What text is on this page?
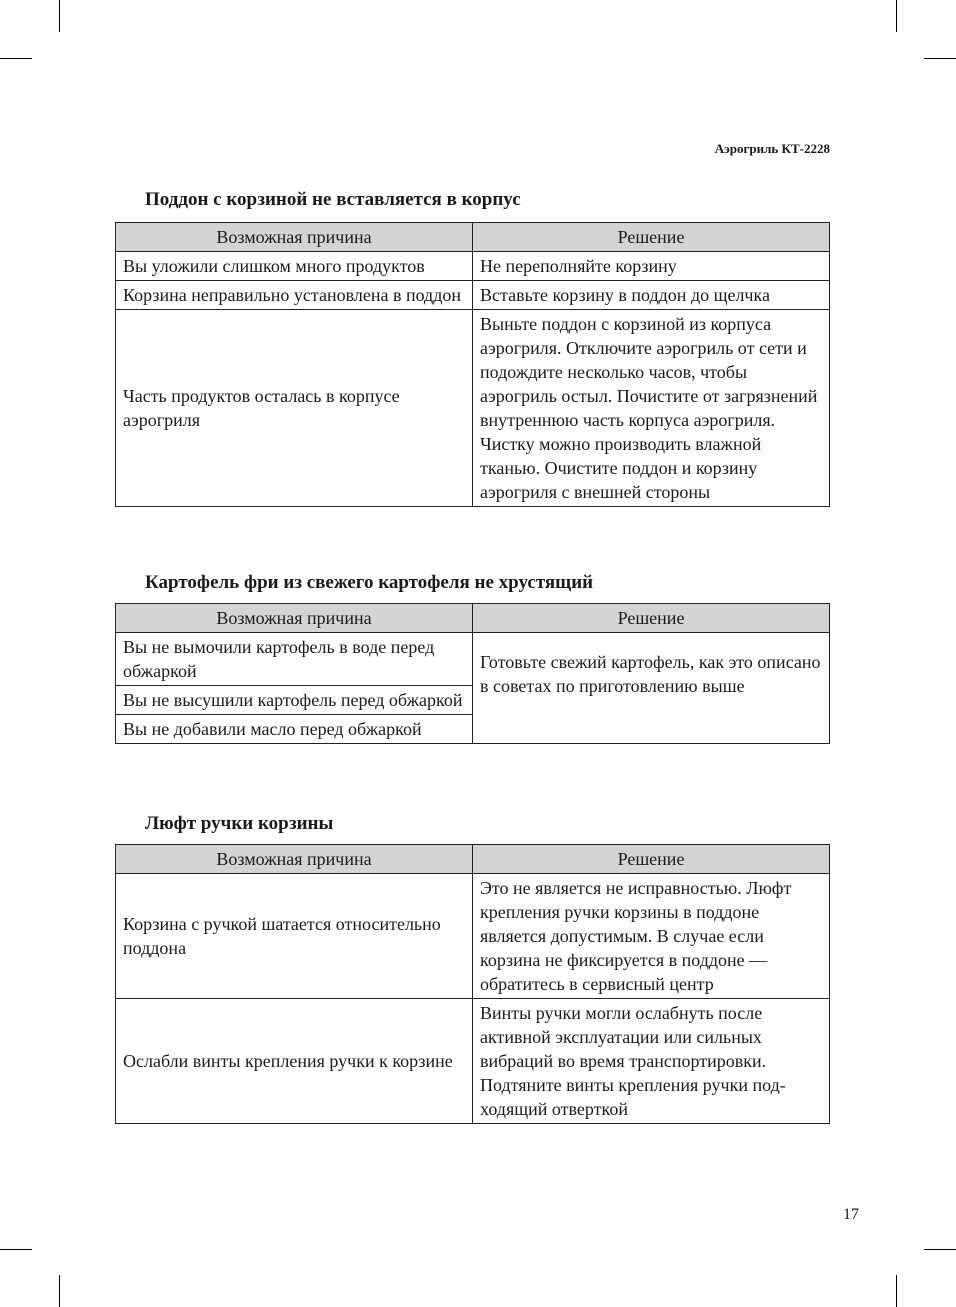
Аэрогриль КТ-2228
Поддон с корзиной не вставляется в корпус
Возможная причина	Решение
Вы уложили слишком много продуктов	Не переполняйте корзину
Корзина неправильно установлена в поддон	Вставьте корзину в поддон до щелчка
Часть продуктов осталась в корпусе аэрогриля	Выньте поддон с корзиной из корпуса аэрогриля. Отключите аэрогриль от сети и подождите несколько часов, чтобы аэрогриль остыл. Почистите от загрязнений внутреннюю часть корпуса аэрогриля. Чистку можно производить влажной тканью. Очистите поддон и корзину аэрогриля с внешней стороны
Картофель фри из свежего картофеля не хрустящий
Возможная причина	Решение
Вы не вымочили картофель в воде перед обжаркой	Готовьте свежий картофель, как это описано в советах по приготовлению выше
Вы не высушили картофель перед обжаркой	
Вы не добавили масло перед обжаркой	
Люфт ручки корзины
Возможная причина	Решение
Корзина с ручкой шатается относительно поддона	Это не является не исправностью. Люфт крепления ручки корзины в поддоне является допустимым. В случае если корзина не фиксируется в поддоне — обратитесь в сервисный центр
Ослабли винты крепления ручки к корзине	Винты ручки могли ослабнуть после активной эксплуатации или сильных вибраций во время транспортировки. Подтяните винты крепления ручки подходящий отверткой
17
